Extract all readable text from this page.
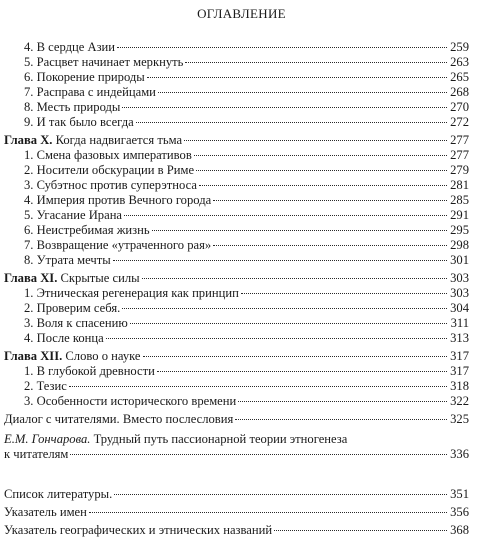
ОГЛАВЛЕНИЕ
4. В сердце Азии	259
5. Расцвет начинает меркнуть	263
6. Покорение природы	265
7. Расправа с индейцами	268
8. Месть природы	270
9. И так было всегда	272
Глава X. Когда надвигается тьма	277
1. Смена фазовых императивов	277
2. Носители обскурации в Риме	279
3. Субэтнос против суперэтноса	281
4. Империя против Вечного города	285
5. Угасание Ирана	291
6. Неистребимая жизнь	295
7. Возвращение «утраченного рая»	298
8. Утрата мечты	301
Глава XI. Скрытые силы	303
1. Этническая регенерация как принцип	303
2. Проверим себя.	304
3. Воля к спасению	311
4. После конца	313
Глава XII. Слово о науке	317
1. В глубокой древности	317
2. Тезис	318
3. Особенности исторического времени	322
Диалог с читателями. Вместо послесловия	325
Е.М. Гончарова. Трудный путь пассионарной теории этногенеза
к читателям	336
Список литературы.	351
Указатель имен	356
Указатель географических и этнических названий	368
